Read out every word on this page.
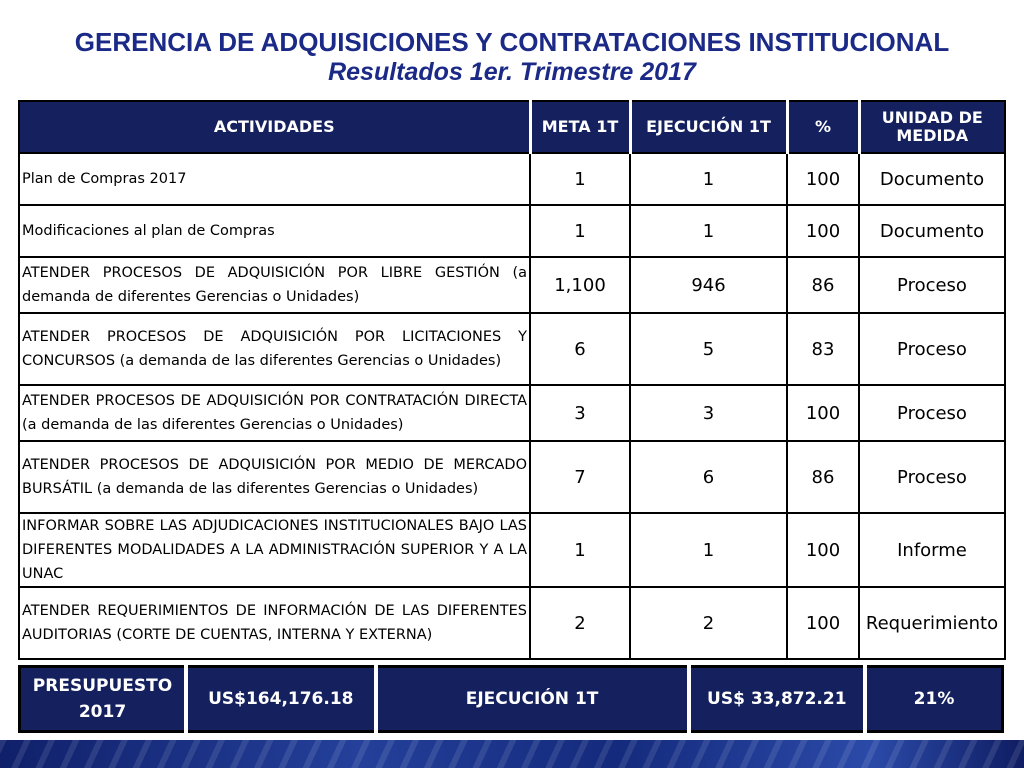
GERENCIA DE ADQUISICIONES Y CONTRATACIONES INSTITUCIONAL
Resultados 1er. Trimestre 2017
ACTIVIDADES	META 1T	EJECUCIÓN 1T	%	UNIDAD DE MEDIDA
Plan de Compras 2017	1	1	100	Documento
Modificaciones al plan de Compras	1	1	100	Documento
ATENDER PROCESOS DE ADQUISICIÓN POR LIBRE GESTIÓN (a demanda de diferentes Gerencias o Unidades)	1,100	946	86	Proceso
ATENDER PROCESOS DE ADQUISICIÓN POR LICITACIONES Y CONCURSOS (a demanda de las diferentes Gerencias o Unidades)	6	5	83	Proceso
ATENDER PROCESOS DE ADQUISICIÓN POR CONTRATACIÓN DIRECTA (a demanda de las diferentes Gerencias o Unidades)	3	3	100	Proceso
ATENDER PROCESOS DE ADQUISICIÓN POR MEDIO DE MERCADO BURSÁTIL (a demanda de las diferentes Gerencias o Unidades)	7	6	86	Proceso
INFORMAR SOBRE LAS ADJUDICACIONES INSTITUCIONALES BAJO LAS DIFERENTES MODALIDADES A LA ADMINISTRACIÓN SUPERIOR Y A LA UNAC	1	1	100	Informe
ATENDER REQUERIMIENTOS DE INFORMACIÓN DE LAS DIFERENTES AUDITORIAS (CORTE DE CUENTAS, INTERNA Y EXTERNA)	2	2	100	Requerimiento
PRESUPUESTO 2017	US$164,176.18	EJECUCIÓN 1T	US$ 33,872.21	21%
